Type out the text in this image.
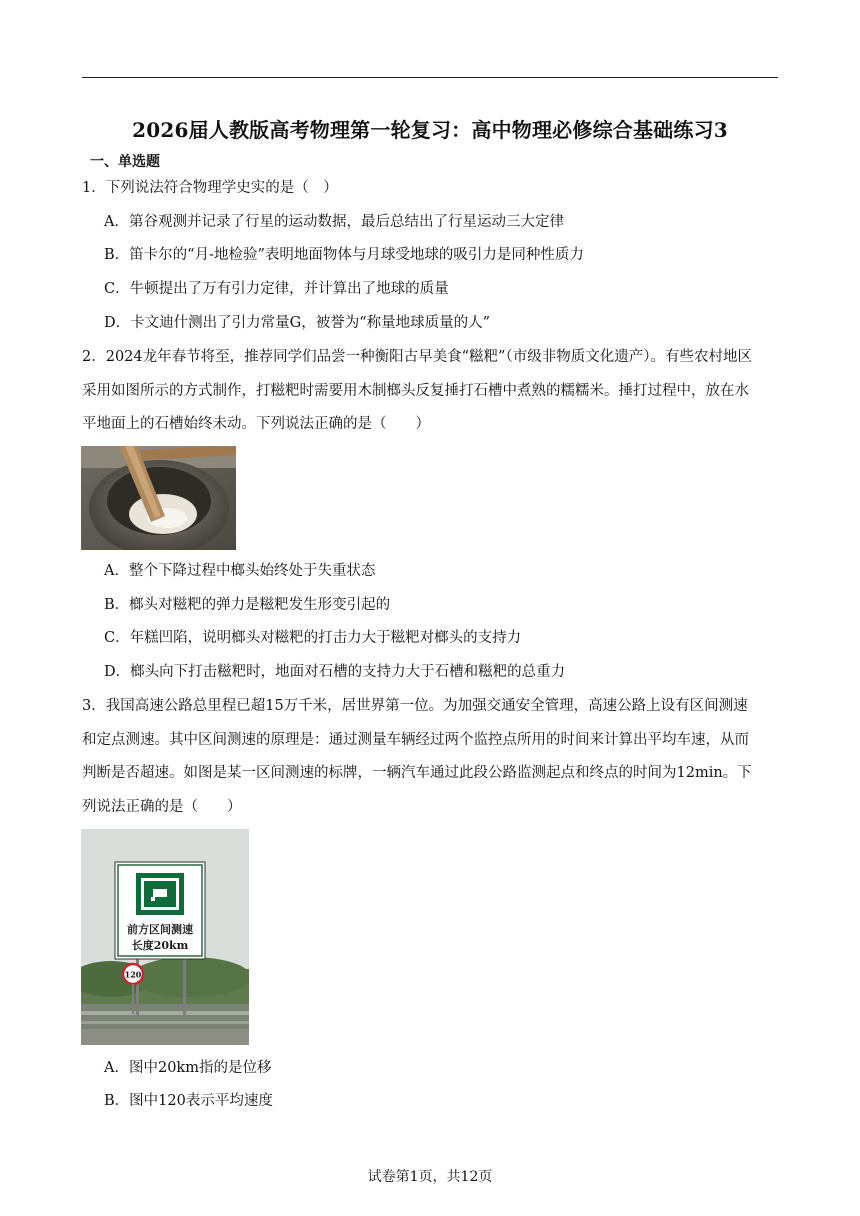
2026届人教版高考物理第一轮复习：高中物理必修综合基础练习3
一、单选题
1．下列说法符合物理学史实的是（　）
A．第谷观测并记录了行星的运动数据，最后总结出了行星运动三大定律
B．笛卡尔的“月-地检验”表明地面物体与月球受地球的吸引力是同种性质力
C．牛顿提出了万有引力定律，并计算出了地球的质量
D．卡文迪什测出了引力常量G，被誉为“称量地球质量的人”
2．2024龙年春节将至，推荐同学们品尝一种衡阳古早美食“糍粑”（市级非物质文化遗产）。有些农村地区
采用如图所示的方式制作，打糍粑时需要用木制榔头反复捶打石槽中煮熟的糯糯米。捶打过程中，放在水
平地面上的石槽始终未动。下列说法正确的是（　　）
A．整个下降过程中榔头始终处于失重状态
B．榔头对糍粑的弹力是糍粑发生形变引起的
C．年糕凹陷，说明榔头对糍粑的打击力大于糍粑对榔头的支持力
D．榔头向下打击糍粑时，地面对石槽的支持力大于石槽和糍粑的总重力
3．我国高速公路总里程已超15万千米，居世界第一位。为加强交通安全管理，高速公路上设有区间测速
和定点测速。其中区间测速的原理是：通过测量车辆经过两个监控点所用的时间来计算出平均车速，从而
判断是否超速。如图是某一区间测速的标牌，一辆汽车通过此段公路监测起点和终点的时间为12min。下
列说法正确的是（　　）
前方区间测速
长度20km
120
A．图中20km指的是位移
B．图中120表示平均速度
试卷第1页，共12页
